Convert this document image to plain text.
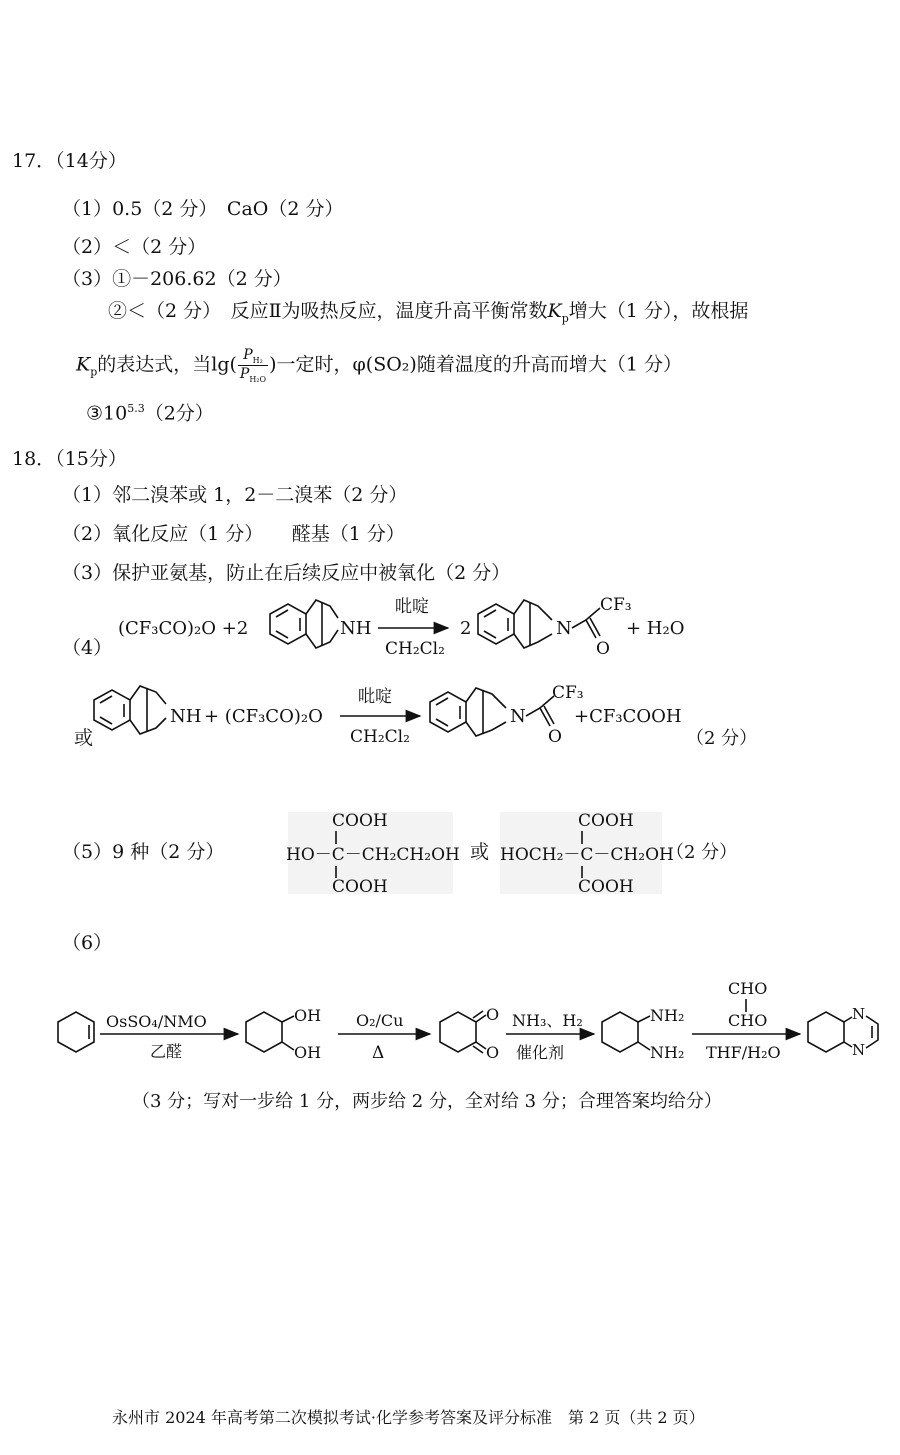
17．（14分）
（1）0.5（2 分）　CaO（2 分）
（2）＜（2 分）
（3）①－206.62（2 分）
②＜（2 分）　反应Ⅱ为吸热反应，温度升高平衡常数$K_p$增大（1 分），故根据
$K_p$的表达式，当$\lg( \frac{P_{H_2}}{P_{H_2O}}$ )一定时，φ(SO₂)随着温度的升高而增大（1 分）
$③10^{5.3}(2$分）
18．（15分）
（1）邻二溴苯或 1，2－二溴苯（2 分）
（2）氧化反应（1 分）　　醛基（1 分）
（3）保护亚氨基，防止在后续反应中被氧化（2 分）
（4）
(CF₃CO)₂O +2	NH
吡啶
CH₂Cl₂
2	N
CF₃
O
+ H₂O
或
NH + (CF₃CO)₂O
吡啶
CH₂Cl₂
N
CF₃
O
+CF₃COOH
（2 分）
（5）9 种（2 分）
COOH
HO－C－CH₂CH₂OH
COOH
或
COOH
HOCH₂－C－CH₂OH
COOH
（2 分）
（6）
OsSO₄/NMO
乙醛
OH
OH
O₂/Cu
Δ
O
O
NH₃、H₂
催化剂
NH₂
NH₂
CHO
CHO
THF/H₂O
N
N
（3 分；写对一步给 1 分，两步给 2 分，全对给 3 分；合理答案均给分）
永州市 2024 年高考第二次模拟考试·化学参考答案及评分标准　第 2 页（共 2 页）
